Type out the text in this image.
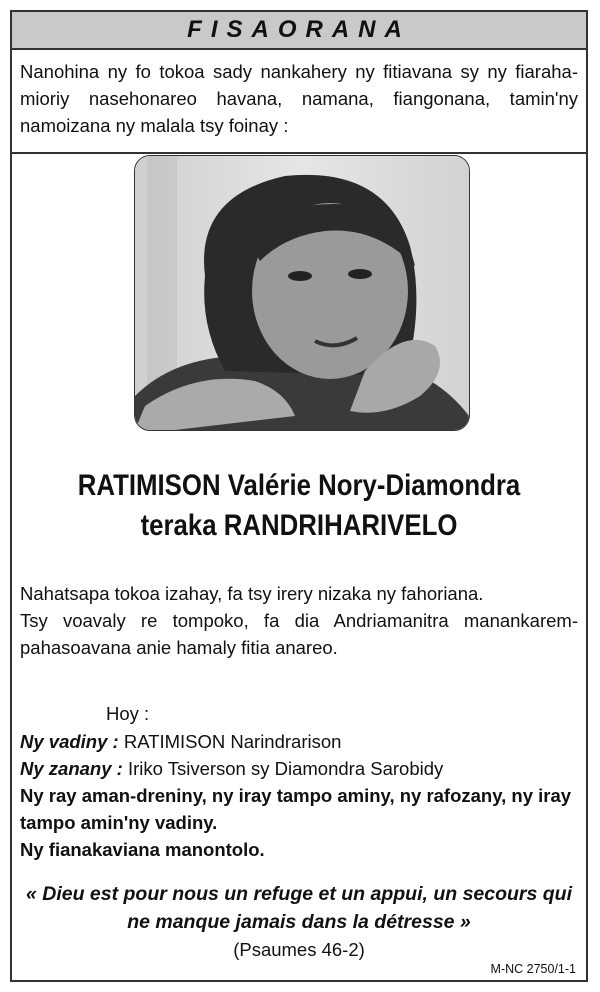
FISAORANA
Nanohina ny fo tokoa sady nankahery ny fitiavana sy ny fiaraha-mioriy nasehonareo havana, namana, fiangonana, tamin'ny namoizana ny malala tsy foinay :
RATIMISON Valérie Nory-Diamondra
teraka RANDRIHARIVELO
Nahatsapa tokoa izahay, fa tsy irery nizaka ny fahoriana.
Tsy voavaly re tompoko, fa dia Andriamanitra manankarem-pahasoavana anie hamaly fitia anareo.
Hoy :
Ny vadiny : RATIMISON Narindrarison
Ny zanany : Iriko Tsiverson sy Diamondra Sarobidy
Ny ray aman-dreniny, ny iray tampo aminy, ny rafozany, ny iray tampo amin'ny vadiny.
Ny fianakaviana manontolo.
« Dieu est pour nous un refuge et un appui, un secours qui ne manque jamais dans la détresse »
(Psaumes 46-2)
M-NC 2750/1-1
